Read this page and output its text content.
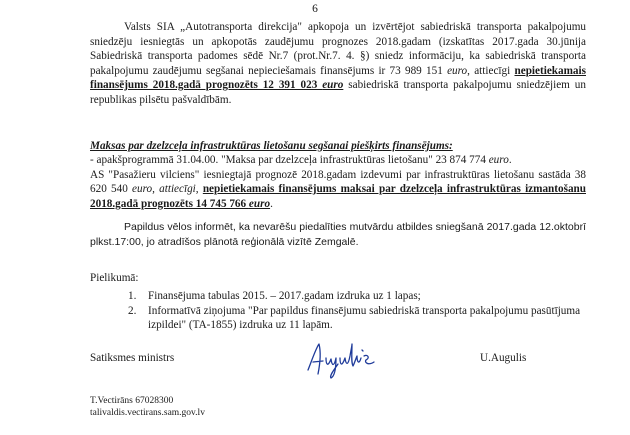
6

Valsts SIA „Autotransporta direkcija" apkopoja un izvērtējot sabiedriskā transporta pakalpojumu sniedzēju iesniegtās un apkopotās zaudējumu prognozes 2018.gadam (izskatītas 2017.gada 30.jūnija Sabiedriskā transporta padomes sēdē Nr.7 (prot.Nr.7. 4. §) sniedz informāciju, ka sabiedriskā transporta pakalpojumu zaudējumu segšanai nepieciešamais finansējums ir 73 989 151 euro, attiecīgi nepietiekamais finansējums 2018.gadā prognozēts 12 391 023 euro sabiedriskā transporta pakalpojumu sniedzējiem un republikas pilsētu pašvaldībām.

Maksas par dzelzceļa infrastruktūras lietošanu segšanai piešķirts finansējums:

- apakšprogrammā 31.04.00. "Maksa par dzelzceļa infrastruktūras lietošanu" 23 874 774 euro.
AS "Pasažieru vilciens" iesniegtajā prognozē 2018.gadam izdevumi par infrastruktūras lietošanu sastāda 38 620 540 euro, attiecīgi, nepietiekamais finansējums maksai par dzelzceļa infrastruktūras izmantošanu 2018.gadā prognozēts 14 745 766 euro.

Papildus vēlos informēt, ka nevarēšu piedalīties mutvārdu atbildes sniegšanā 2017.gada 12.oktobrī plkst.17:00, jo atradīšos plānotā reģionālā vizītē Zemgalē.

Pielikumā:
1. Finansējuma tabulas 2015. – 2017.gadam izdruka uz 1 lapas;
2. Informatīvā ziņojuma "Par papildus finansējumu sabiedriskā transporta pakalpojumu pasūtījuma izpildei" (TA-1855) izdruka uz 11 lapām.
Satiksmes ministrs	U.Augulis
T.Vectirāns 67028300
talivaldis.vectirans.sam.gov.lv
